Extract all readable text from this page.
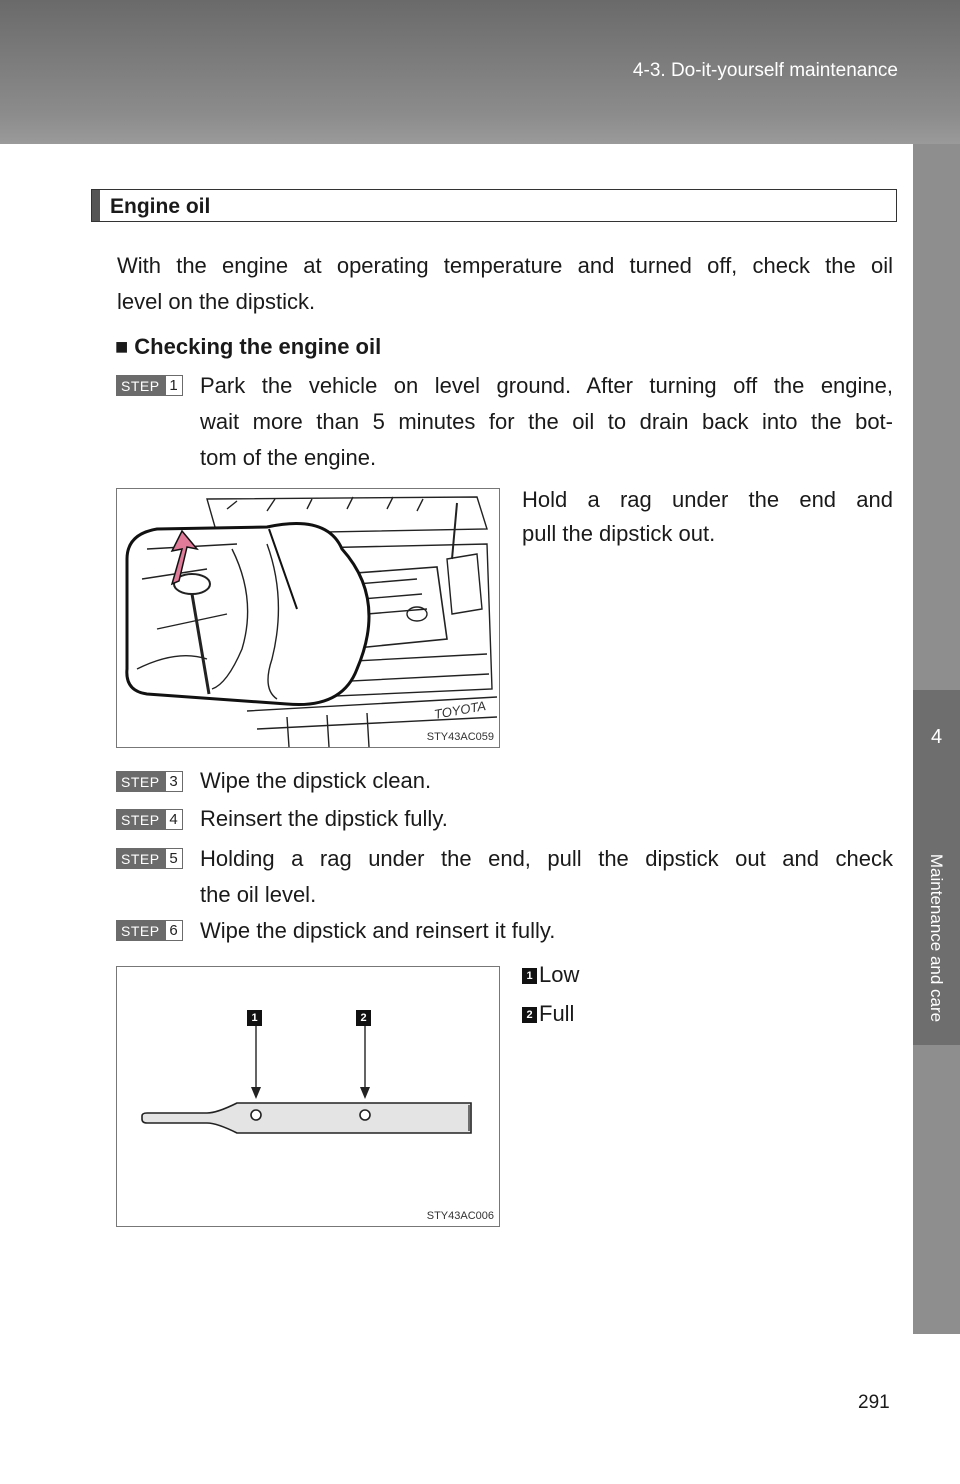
4-3. Do-it-yourself maintenance
4
Maintenance and care
Engine oil
With the engine at operating temperature and turned off, check the oil
level on the dipstick.
■ Checking the engine oil
STEP 1 Park the vehicle on level ground. After turning off the engine,
wait more than 5 minutes for the oil to drain back into the bot-
tom of the engine.
Hold a rag under the end and
pull the dipstick out.
TOYOTA
STY43AC059
STEP 3 Wipe the dipstick clean.
STEP 4 Reinsert the dipstick fully.
STEP 5 Holding a rag under the end, pull the dipstick out and check
the oil level.
STEP 6 Wipe the dipstick and reinsert it fully.
1	2
STY43AC006
1 Low
2 Full
291
